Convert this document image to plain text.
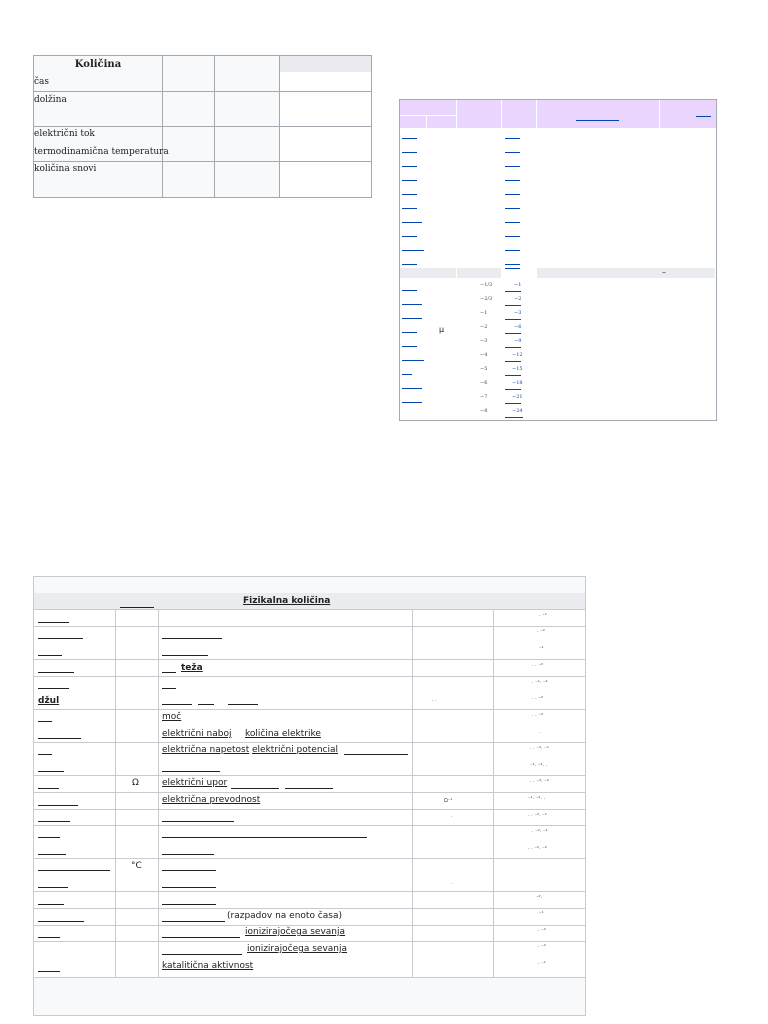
Količina
čas
dolžina
električni tok
termodinamična temperatura
količina snovi
–
μ
−1/3
−2/3
−1
−2
−3
−4
−5
−6
−7
−8
−1
−2
−3
−6
−9
−12
−15
−18
−21
−24
Fizikalna količina
džul
Ω
°C
teža
moč
električni naboj količina elektrike
električna napetost električni potencial
električni upor
električna prevodnost
(razpadov na enoto časa)
ionizirajočega sevanja
ionizirajočega sevanja
katalitična aktivnost
· ·
Ω⁻¹
·
·
· ⁻¹
· ⁻²
⁻¹
· · ⁻²
· ⁻¹· ⁻²
· · ⁻²
· · ⁻³
·
· · ⁻³· ⁻¹
⁻¹· ⁻²· ·
· · ⁻³· ⁻²
⁻¹· ⁻²· ·
· · ⁻²· ⁻¹
· ⁻²· ⁻¹
· · ⁻²· ⁻²
⁻²·
⁻¹
· ⁻²
· ⁻²
· ⁻¹
